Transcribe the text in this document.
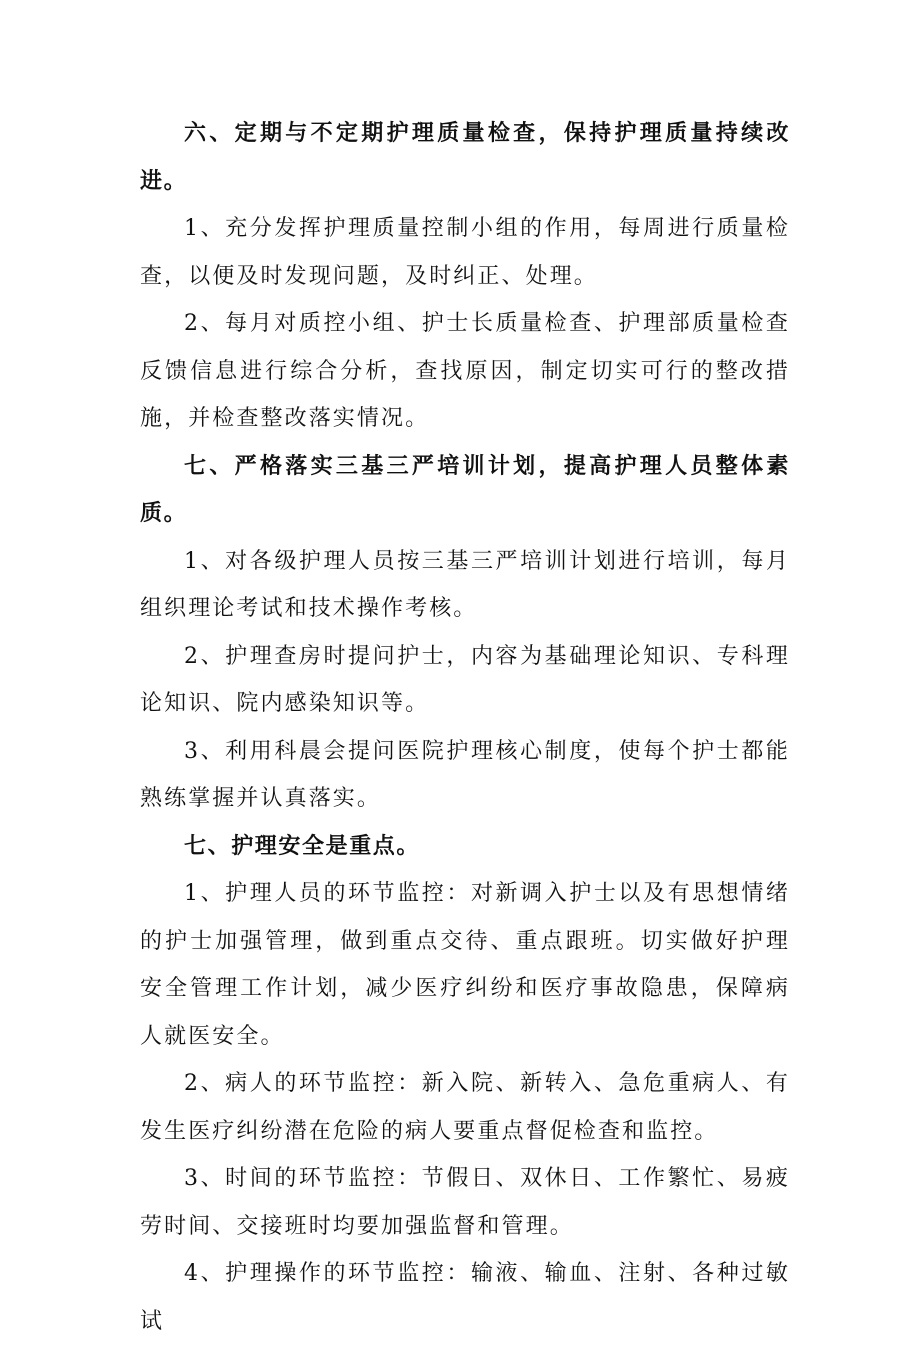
六、定期与不定期护理质量检查，保持护理质量持续改进。

1、充分发挥护理质量控制小组的作用，每周进行质量检查，以便及时发现问题，及时纠正、处理。

2、每月对质控小组、护士长质量检查、护理部质量检查反馈信息进行综合分析，查找原因，制定切实可行的整改措施，并检查整改落实情况。

七、严格落实三基三严培训计划，提高护理人员整体素质。

1、对各级护理人员按三基三严培训计划进行培训，每月组织理论考试和技术操作考核。

2、护理查房时提问护士，内容为基础理论知识、专科理论知识、院内感染知识等。

3、利用科晨会提问医院护理核心制度，使每个护士都能熟练掌握并认真落实。

七、护理安全是重点。

1、护理人员的环节监控：对新调入护士以及有思想情绪的护士加强管理，做到重点交待、重点跟班。切实做好护理安全管理工作计划，减少医疗纠纷和医疗事故隐患，保障病人就医安全。

2、病人的环节监控：新入院、新转入、急危重病人、有发生医疗纠纷潜在危险的病人要重点督促检查和监控。

3、时间的环节监控：节假日、双休日、工作繁忙、易疲劳时间、交接班时均要加强监督和管理。

4、护理操作的环节监控：输液、输血、注射、各种过敏试
